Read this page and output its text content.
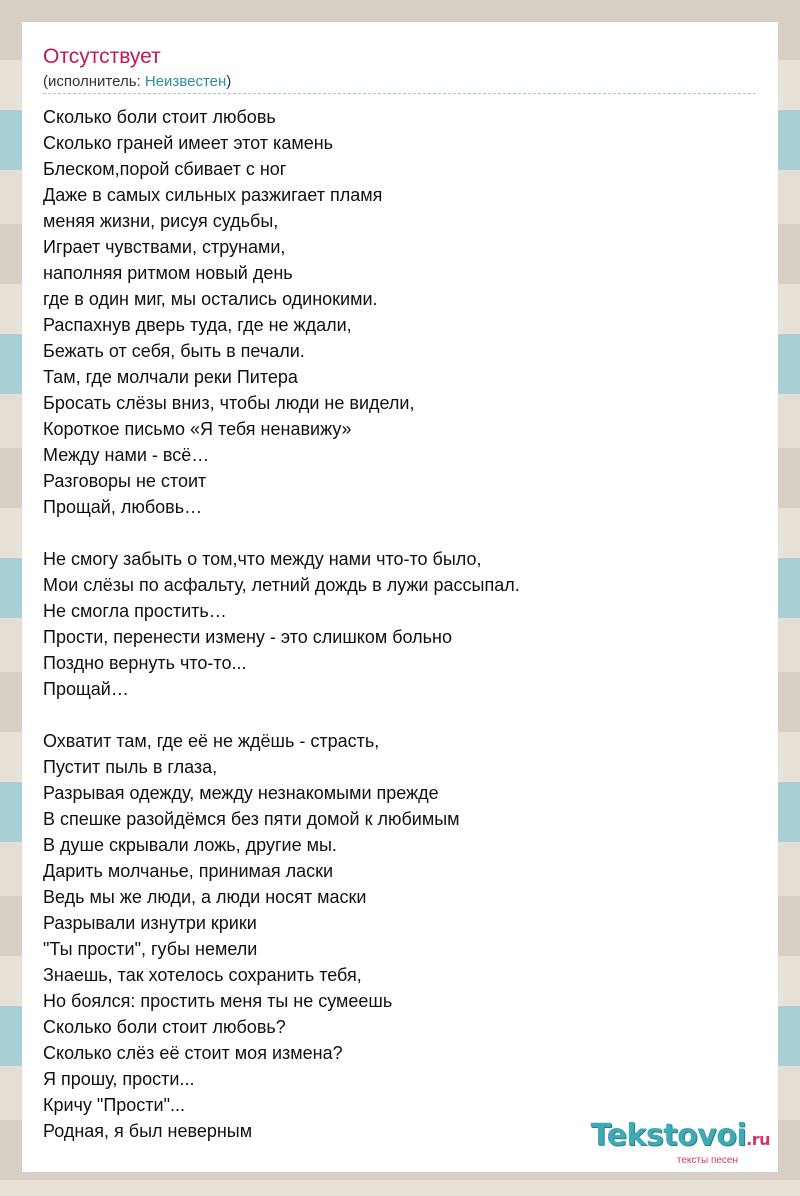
Отсутствует
(исполнитель: Неизвестен)
Сколько боли стоит любовь
Сколько граней имеет этот камень
Блеском,порой сбивает с ног
Даже в самых сильных разжигает пламя
меняя жизни, рисуя судьбы,
Играет чувствами, струнами,
наполняя ритмом новый день
где в один миг, мы остались одинокими.
Распахнув дверь туда, где не ждали,
Бежать от себя, быть в печали.
Там, где молчали реки Питера
Бросать слёзы вниз, чтобы люди не видели,
Короткое письмо «Я тебя ненавижу»
Между нами - всё…
Разговоры не стоит
Прощай, любовь…
Не смогу забыть о том,что между нами что-то было,
Мои слёзы по асфальту, летний дождь в лужи рассыпал.
Не смогла простить…
Прости, перенести измену - это слишком больно
Поздно вернуть что-то...
Прощай…
Охватит там, где её не ждёшь - страсть,
Пустит пыль в глаза,
Разрывая одежду, между незнакомыми прежде
В спешке разойдёмся без пяти домой к любимым
В душе скрывали ложь, другие мы.
Дарить молчанье, принимая ласки
Ведь мы же люди, а люди носят маски
Разрывали изнутри крики
"Ты прости", губы немели
Знаешь, так хотелось сохранить тебя,
Но боялся: простить меня ты не сумеешь
Сколько боли стоит любовь?
Сколько слёз её стоит моя измена?
Я прошу, прости...
Кричу "Прости"...
Родная, я был неверным	Tekstovoi.ru
тексты песен
